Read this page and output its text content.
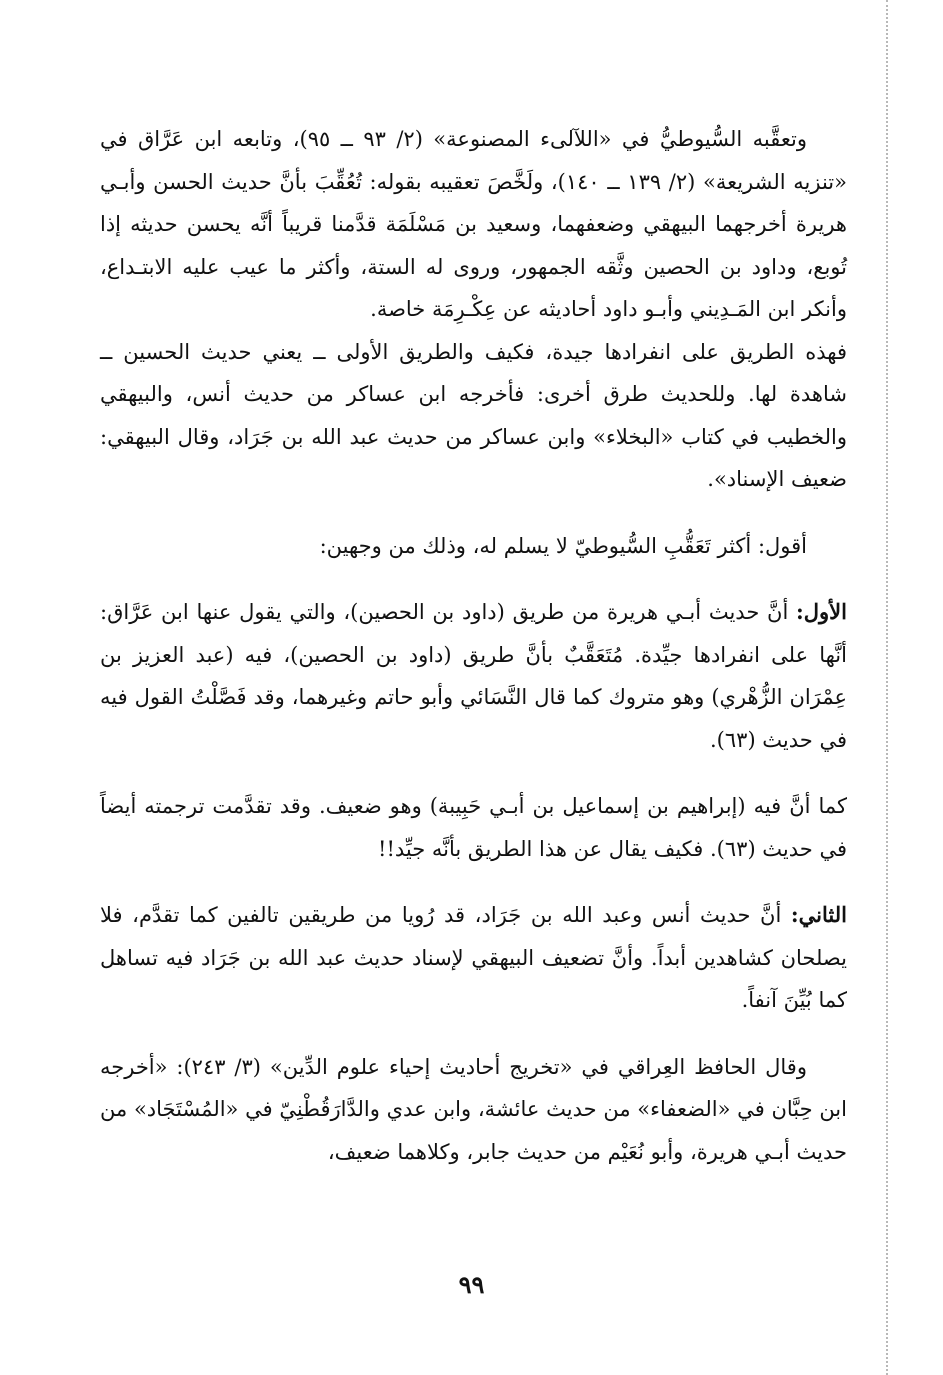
وتعقَّبه السُّيوطيُّ في «اللآلىء المصنوعة» (٢/ ٩٣ ــ ٩٥)، وتابعه ابن عَرَّاق في «تنزيه الشريعة» (٢/ ١٣٩ ــ ١٤٠)، ولَخَّصَ تعقيبه بقوله: تُعُقِّبَ بأنَّ حديث الحسن وأبـي هريرة أخرجهما البيهقي وضعفهما، وسعيد بن مَسْلَمَة قدَّمنا قريباً أنَّه يحسن حديثه إذا تُوبع، وداود بن الحصين وثَّقه الجمهور، وروى له الستة، وأكثر ما عيب عليه الابتـداع، وأنكر ابن المَـدِيني وأبـو داود أحاديثه عن عِكْـرِمَة خاصة.

فهذه الطريق على انفرادها جيدة، فكيف والطريق الأولى ــ يعني حديث الحسين ــ شاهدة لها. وللحديث طرق أخرى: فأخرجه ابن عساكر من حديث أنس، والبيهقي والخطيب في كتاب «البخلاء» وابن عساكر من حديث عبد الله بن جَرَاد، وقال البيهقي: ضعيف الإسناد».

أقول: أكثر تَعَقُّبِ السُّيوطيّ لا يسلم له، وذلك من وجهين:

الأول: أنَّ حديث أبـي هريرة من طريق (داود بن الحصين)، والتي يقول عنها ابن عَرَّاق: أنَّها على انفرادها جيِّدة. مُتَعَقَّبٌ بأنَّ طريق (داود بن الحصين)، فيه (عبد العزيز بن عِمْرَان الزُّهْري) وهو متروك كما قال النَّسَائي وأبو حاتم وغيرهما، وقد فَصَّلْتُ القول فيه في حديث (٦٣).

كما أنَّ فيه (إبراهيم بن إسماعيل بن أبـي حَبِيبة) وهو ضعيف. وقد تقدَّمت ترجمته أيضاً في حديث (٦٣). فكيف يقال عن هذا الطريق بأنَّه جيِّد!!

الثاني: أنَّ حديث أنس وعبد الله بن جَرَاد، قد رُويا من طريقين تالفين كما تقدَّم، فلا يصلحان كشاهدين أبداً. وأنَّ تضعيف البيهقي لإسناد حديث عبد الله بن جَرَاد فيه تساهل كما بُيِّنَ آنفاً.

وقال الحافظ العِراقي في «تخريج أحاديث إحياء علوم الدِّين» (٣/ ٢٤٣): «أخرجه ابن حِبَّان في «الضعفاء» من حديث عائشة، وابن عدي والدَّارَقُطْنِيّ في «المُسْتَجَاد» من حديث أبـي هريرة، وأبو نُعَيْم من حديث جابر، وكلاهما ضعيف،

٩٩
